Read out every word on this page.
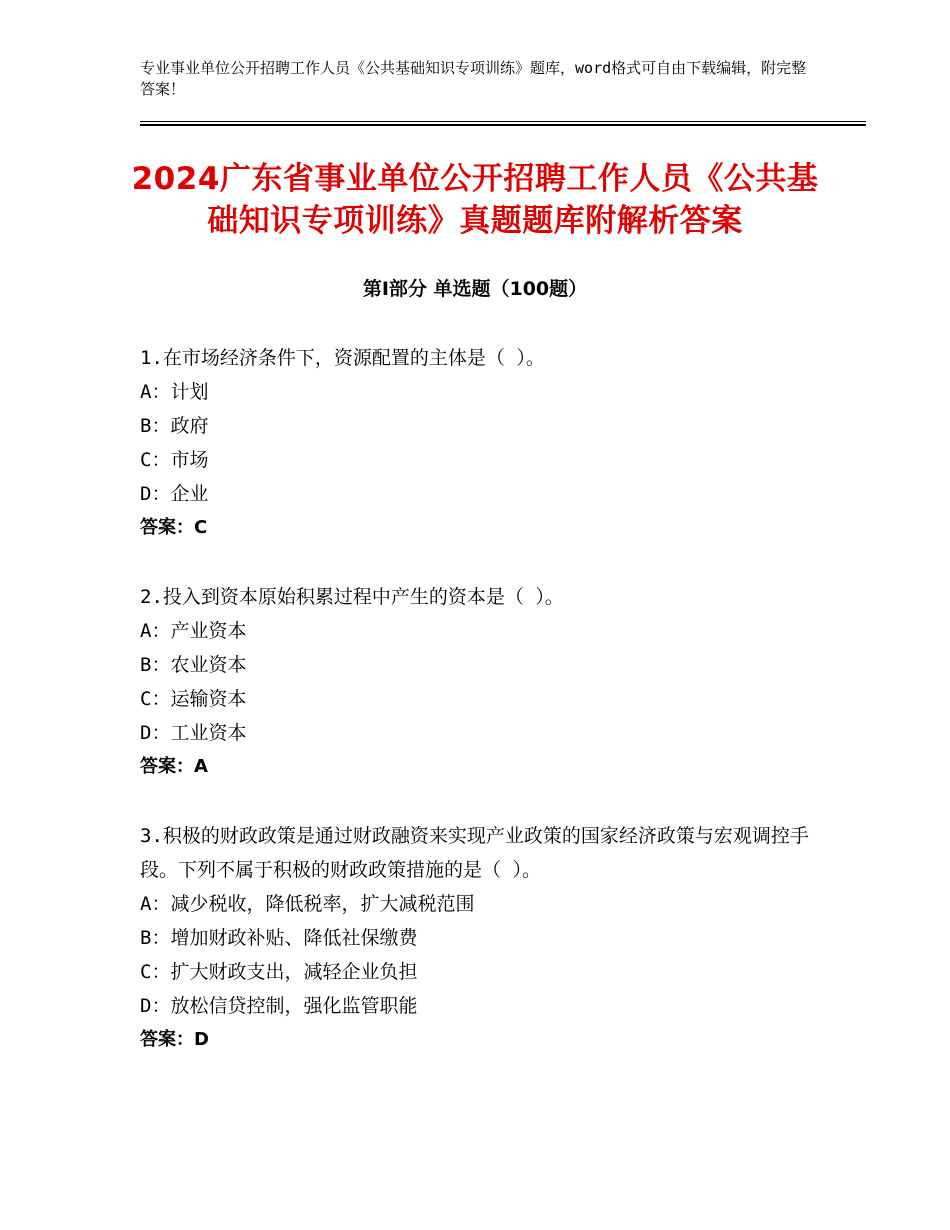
专业事业单位公开招聘工作人员《公共基础知识专项训练》题库，word格式可自由下载编辑，附完整答案！
2024广东省事业单位公开招聘工作人员《公共基础知识专项训练》真题题库附解析答案
第Ⅰ部分 单选题（100题）
1.在市场经济条件下，资源配置的主体是（ ）。
A：计划
B：政府
C：市场
D：企业
答案：C
2.投入到资本原始积累过程中产生的资本是（ ）。
A：产业资本
B：农业资本
C：运输资本
D：工业资本
答案：A
3.积极的财政政策是通过财政融资来实现产业政策的国家经济政策与宏观调控手段。下列不属于积极的财政政策措施的是（ ）。
A：减少税收，降低税率，扩大减税范围
B：增加财政补贴、降低社保缴费
C：扩大财政支出，减轻企业负担
D：放松信贷控制，强化监管职能
答案：D
